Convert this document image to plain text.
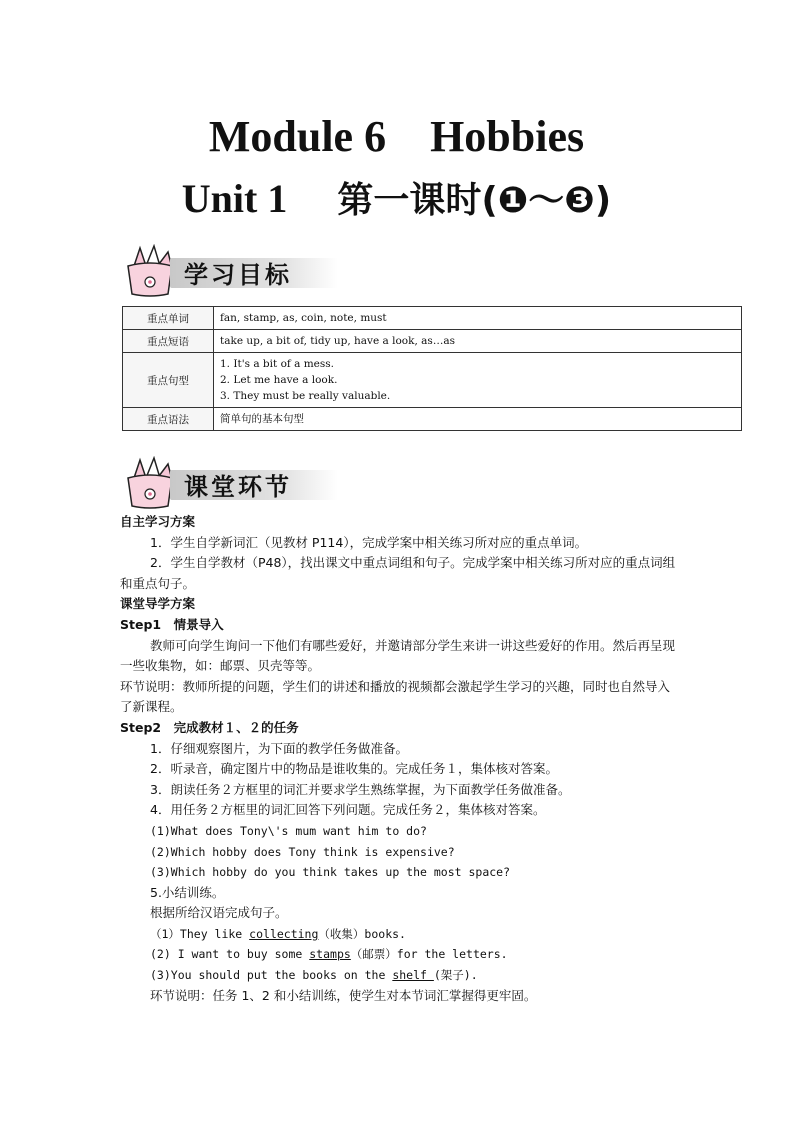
Module 6　Hobbies
Unit 1 第一课时(❶～❸)
学习目标
重点单词	fan, stamp, as, coin, note, must
重点短语	take up, a bit of, tidy up, have a look, as…as
重点句型	1. It's a bit of a mess.
2. Let me have a look.
3. They must be really valuable.

重点语法	简单句的基本句型
课堂环节

自主学习方案

1．学生自学新词汇（见教材 P114），完成学案中相关练习所对应的重点单词。

2．学生自学教材（P48），找出课文中重点词组和句子。完成学案中相关练习所对应的重点词组和重点句子。

课堂导学方案

Step1　情景导入

教师可向学生询问一下他们有哪些爱好，并邀请部分学生来讲一讲这些爱好的作用。然后再呈现一些收集物，如：邮票、贝壳等等。

环节说明：教师所提的问题，学生们的讲述和播放的视频都会激起学生学习的兴趣，同时也自然导入了新课程。

Step2　完成教材１、２的任务

1．仔细观察图片，为下面的教学任务做准备。

2．听录音，确定图片中的物品是谁收集的。完成任务１，集体核对答案。

3．朗读任务２方框里的词汇并要求学生熟练掌握，为下面教学任务做准备。

4．用任务２方框里的词汇回答下列问题。完成任务２，集体核对答案。

(1)What does Tony\'s mum want him to do?

(2)Which hobby does Tony think is expensive?

(3)Which hobby do you think takes up the most space?

5.小结训练。

根据所给汉语完成句子。

（1）They like collecting（收集）books.

(2) I want to buy some stamps（邮票）for the letters.

(3)You should put the books on the shelf (架子).

环节说明：任务 1、2 和小结训练，使学生对本节词汇掌握得更牢固。
